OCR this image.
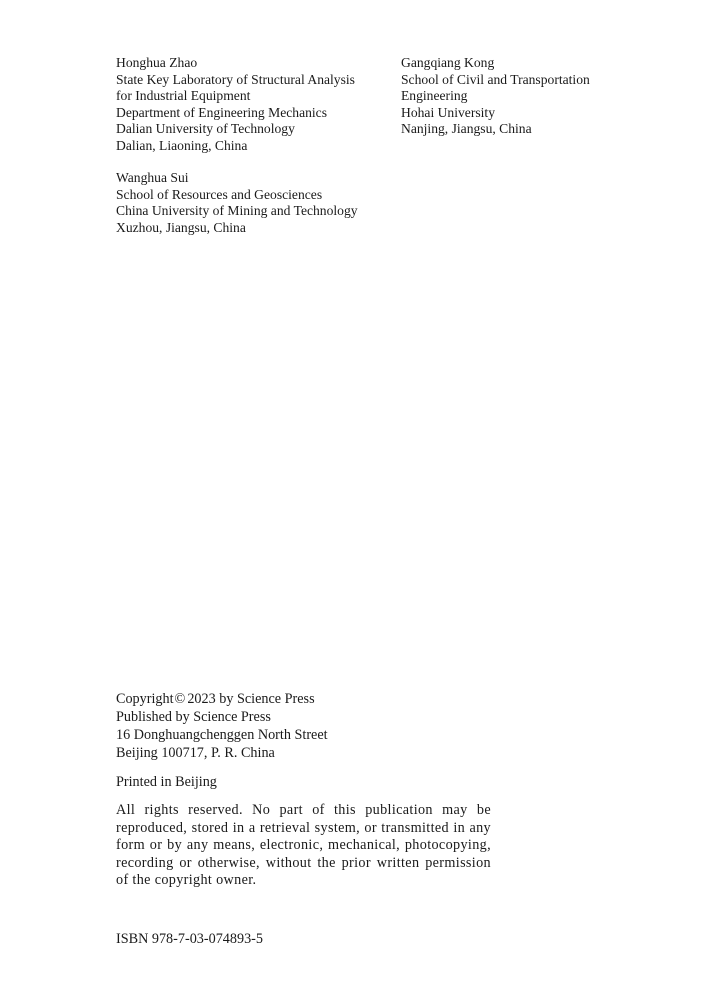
Honghua Zhao
State Key Laboratory of Structural Analysis
for Industrial Equipment
Department of Engineering Mechanics
Dalian University of Technology
Dalian, Liaoning, China
Gangqiang Kong
School of Civil and Transportation
Engineering
Hohai University
Nanjing, Jiangsu, China
Wanghua Sui
School of Resources and Geosciences
China University of Mining and Technology
Xuzhou, Jiangsu, China
Copyright© 2023 by Science Press
Published by Science Press
16 Donghuangchenggen North Street
Beijing 100717, P. R. China
Printed in Beijing
All rights reserved. No part of this publication may be reproduced, stored in a retrieval system, or transmitted in any form or by any means, electronic, mechanical, photocopying, recording or otherwise, without the prior written permission of the copyright owner.
ISBN 978-7-03-074893-5
